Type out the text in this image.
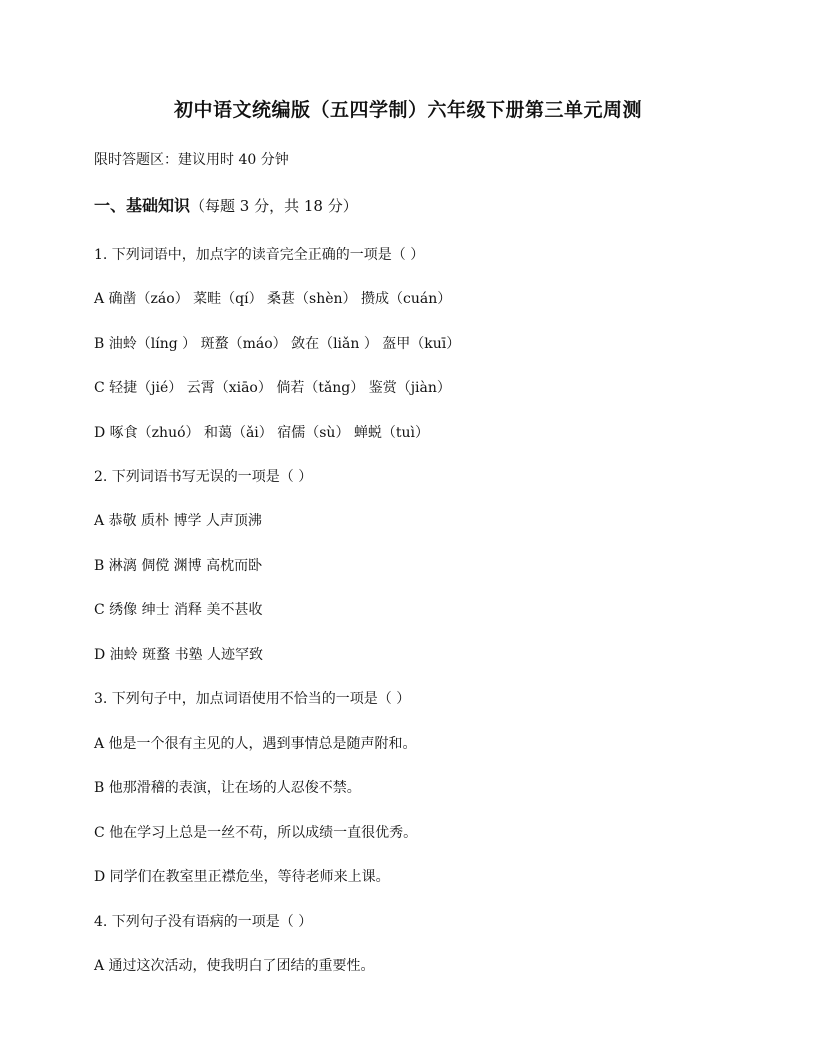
初中语文统编版（五四学制）六年级下册第三单元周测
限时答题区：建议用时 40 分钟
一、基础知识（每题 3 分，共 18 分）
1. 下列词语中，加点字的读音完全正确的一项是（ ）
A 确凿（záo） 菜畦（qí） 桑葚（shèn） 攒成（cuán）
B 油蛉（líng ） 斑蝥（máo） 敛在（liǎn ） 盔甲（kuī）
C 轻捷（jié） 云霄（xiāo） 倘若（tǎng） 鉴赏（jiàn）
D 啄食（zhuó） 和蔼（ǎi） 宿儒（sù） 蝉蜕（tuì）
2. 下列词语书写无误的一项是（ ）
A 恭敬 质朴 博学 人声顶沸
B 淋漓 倜傥 渊博 高枕而卧
C 绣像 绅士 消释 美不甚收
D 油蛉 斑蝥 书塾 人迹罕致
3. 下列句子中，加点词语使用不恰当的一项是（ ）
A 他是一个很有主见的人，遇到事情总是随声附和。
B 他那滑稽的表演，让在场的人忍俊不禁。
C 他在学习上总是一丝不苟，所以成绩一直很优秀。
D 同学们在教室里正襟危坐，等待老师来上课。
4. 下列句子没有语病的一项是（ ）
A 通过这次活动，使我明白了团结的重要性。
